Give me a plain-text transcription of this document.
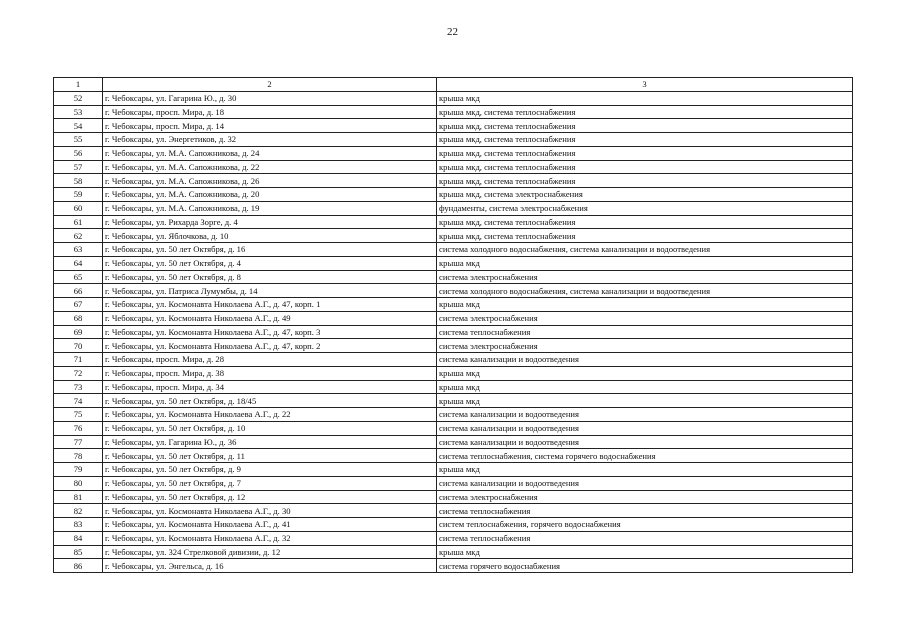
22
1	2	3
52	г. Чебоксары, ул. Гагарина Ю., д. 30	крыша мкд
53	г. Чебоксары, просп. Мира, д. 18	крыша мкд, система теплоснабжения
54	г. Чебоксары, просп. Мира, д. 14	крыша мкд, система теплоснабжения
55	г. Чебоксары, ул. Энергетиков, д. 32	крыша мкд, система теплоснабжения
56	г. Чебоксары, ул. М.А. Сапожникова, д. 24	крыша мкд, система теплоснабжения
57	г. Чебоксары, ул. М.А. Сапожникова, д. 22	крыша мкд, система теплоснабжения
58	г. Чебоксары, ул. М.А. Сапожникова, д. 26	крыша мкд, система теплоснабжения
59	г. Чебоксары, ул. М.А. Сапожникова, д. 20	крыша мкд, система электроснабжения
60	г. Чебоксары, ул. М.А. Сапожникова, д. 19	фундаменты, система электроснабжения
61	г. Чебоксары, ул. Рихарда Зорге, д. 4	крыша мкд, система теплоснабжения
62	г. Чебоксары, ул. Яблочкова, д. 10	крыша мкд, система теплоснабжения
63	г. Чебоксары, ул. 50 лет Октября, д. 16	система холодного водоснабжения, система канализации и водоотведения
64	г. Чебоксары, ул. 50 лет Октября, д. 4	крыша мкд
65	г. Чебоксары, ул. 50 лет Октября, д. 8	система электроснабжения
66	г. Чебоксары, ул. Патриса Лумумбы, д. 14	система холодного водоснабжения, система канализации и водоотведения
67	г. Чебоксары, ул. Космонавта Николаева А.Г., д. 47, корп. 1	крыша мкд
68	г. Чебоксары, ул. Космонавта Николаева А.Г., д. 49	система электроснабжения
69	г. Чебоксары, ул. Космонавта Николаева А.Г., д. 47, корп. 3	система теплоснабжения
70	г. Чебоксары, ул. Космонавта Николаева А.Г., д. 47, корп. 2	система электроснабжения
71	г. Чебоксары, просп. Мира, д. 28	система канализации и водоотведения
72	г. Чебоксары, просп. Мира, д. 38	крыша мкд
73	г. Чебоксары, просп. Мира, д. 34	крыша мкд
74	г. Чебоксары, ул. 50 лет Октября, д. 18/45	крыша мкд
75	г. Чебоксары, ул. Космонавта Николаева А.Г., д. 22	система канализации и водоотведения
76	г. Чебоксары, ул. 50 лет Октября, д. 10	система канализации и водоотведения
77	г. Чебоксары, ул. Гагарина Ю., д. 36	система канализации и водоотведения
78	г. Чебоксары, ул. 50 лет Октября, д. 11	система теплоснабжения, система горячего водоснабжения
79	г. Чебоксары, ул. 50 лет Октября, д. 9	крыша мкд
80	г. Чебоксары, ул. 50 лет Октября, д. 7	система канализации и водоотведения
81	г. Чебоксары, ул. 50 лет Октября, д. 12	система электроснабжения
82	г. Чебоксары, ул. Космонавта Николаева А.Г., д. 30	система теплоснабжения
83	г. Чебоксары, ул. Космонавта Николаева А.Г., д. 41	систем теплоснабжения, горячего водоснабжения
84	г. Чебоксары, ул. Космонавта Николаева А.Г., д. 32	система теплоснабжения
85	г. Чебоксары, ул. 324 Стрелковой дивизии, д. 12	крыша мкд
86	г. Чебоксары, ул. Энгельса, д. 16	система горячего водоснабжения
